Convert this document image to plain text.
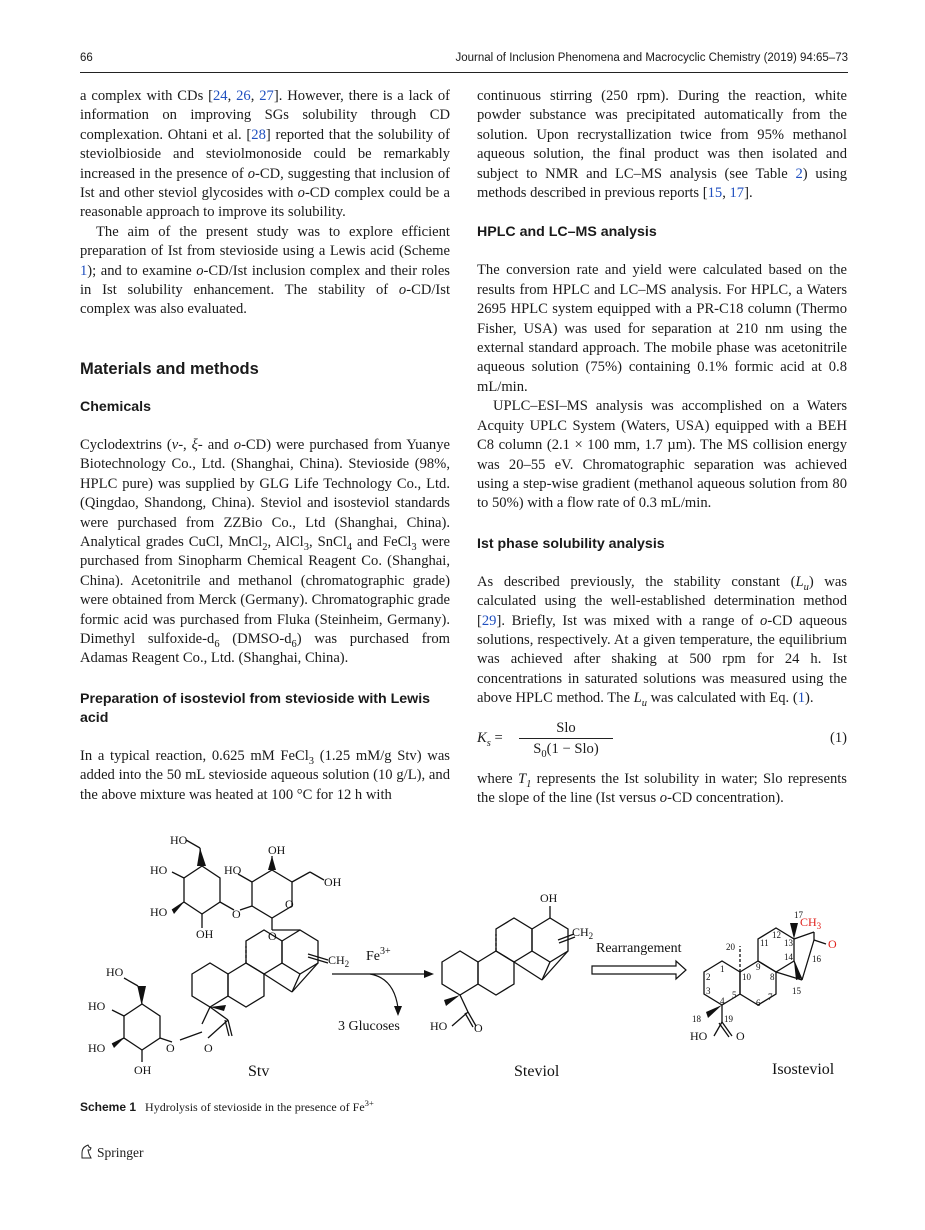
66	Journal of Inclusion Phenomena and Macrocyclic Chemistry (2019) 94:65–73

a complex with CDs [24, 26, 27]. However, there is a lack of information on improving SGs solubility through CD complexation. Ohtani et al. [28] reported that the solubility of steviolbioside and steviolmonoside could be remarkably increased in the presence of o-CD, suggesting that inclusion of Ist and other steviol glycosides with o-CD complex could be a reasonable approach to improve its solubility.

The aim of the present study was to explore efficient preparation of Ist from stevioside using a Lewis acid (Scheme 1); and to examine o-CD/Ist inclusion complex and their roles in Ist solubility enhancement. The stability of o-CD/Ist complex was also evaluated.

Materials and methods
Chemicals

Cyclodextrins (ν-, ξ- and o-CD) were purchased from Yuanye Biotechnology Co., Ltd. (Shanghai, China). Stevioside (98%, HPLC pure) was supplied by GLG Life Technology Co., Ltd. (Qingdao, Shandong, China). Steviol and isosteviol standards were purchased from ZZBio Co., Ltd (Shanghai, China). Analytical grades CuCl, MnCl$_2$, AlCl$_3$, SnCl$_4$ and FeCl$_3$ were purchased from Sinopharm Chemical Reagent Co. (Shanghai, China). Acetonitrile and methanol (chromatographic grade) were obtained from Merck (Germany). Chromatographic grade formic acid was purchased from Fluka (Steinheim, Germany). Dimethyl sulfoxide-$d_6$ $(DMSO-d_6)$ was purchased from Adamas Reagent Co., Ltd. (Shanghai, China).

Preparation of isosteviol from stevioside with Lewis acid

In a typical reaction, 0.625 mM FeCl$_3$ (1.25 mM/g Stv) was added into the 50 mL stevioside aqueous solution (10 g/L), and the above mixture was heated at 100 °C for 12 h with

continuous stirring (250 rpm). During the reaction, white powder substance was precipitated automatically from the solution. Upon recrystallization twice from 95% methanol aqueous solution, the final product was then isolated and subject to NMR and LC–MS analysis (see Table 2) using methods described in previous reports [15, 17].

HPLC and LC–MS analysis

The conversion rate and yield were calculated based on the results from HPLC and LC–MS analysis. For HPLC, a Waters 2695 HPLC system equipped with a PR-C18 column (Thermo Fisher, USA) was used for separation at 210 nm using the external standard approach. The mobile phase was acetonitrile aqueous solution (75%) containing 0.1% formic acid at 0.8 mL/min.

UPLC–ESI–MS analysis was accomplished on a Waters Acquity UPLC System (Waters, USA) equipped with a BEH C8 column (2.1 × 100 mm, 1.7 µm). The MS collision energy was 20–55 eV. Chromatographic separation was achieved using a step-wise gradient (methanol aqueous solution from 80 to 50%) with a flow rate of 0.3 mL/min.

Ist phase solubility analysis

As described previously, the stability constant $(L_u)$ was calculated using the well-established determination method [29]. Briefly, Ist was mixed with a range of o-CD aqueous solutions, respectively. At a given temperature, the equilibrium was achieved after shaking at 500 rpm for 24 h. Ist concentrations in saturated solutions was measured using the above HPLC method. The $L_u$ was calculated with Eq. (1).

$K_s$ =
Slo
$S_0(1 - Slo)$
(1)

where $T_1$ represents the Ist solubility in water; Slo represents the slope of the line (Ist versus o-CD concentration).

HO
HO
HO
OH
O
HO
OH
OH
O
O
$CH_2$
HO
HO
HO
OH
O O
Stv
$Fe^{3+}$
3 Glucoses
OH
$CH_2$
HO O
Steviol
Rearrangement
1
2
3
4
5
6
7
8
9
10
11
12
13
14
15
16
17
18	19
20
$CH_3$
O
HO O
Isosteviol
Scheme 1 Hydrolysis of stevioside in the presence of $Fe^{3+}$
Springer
